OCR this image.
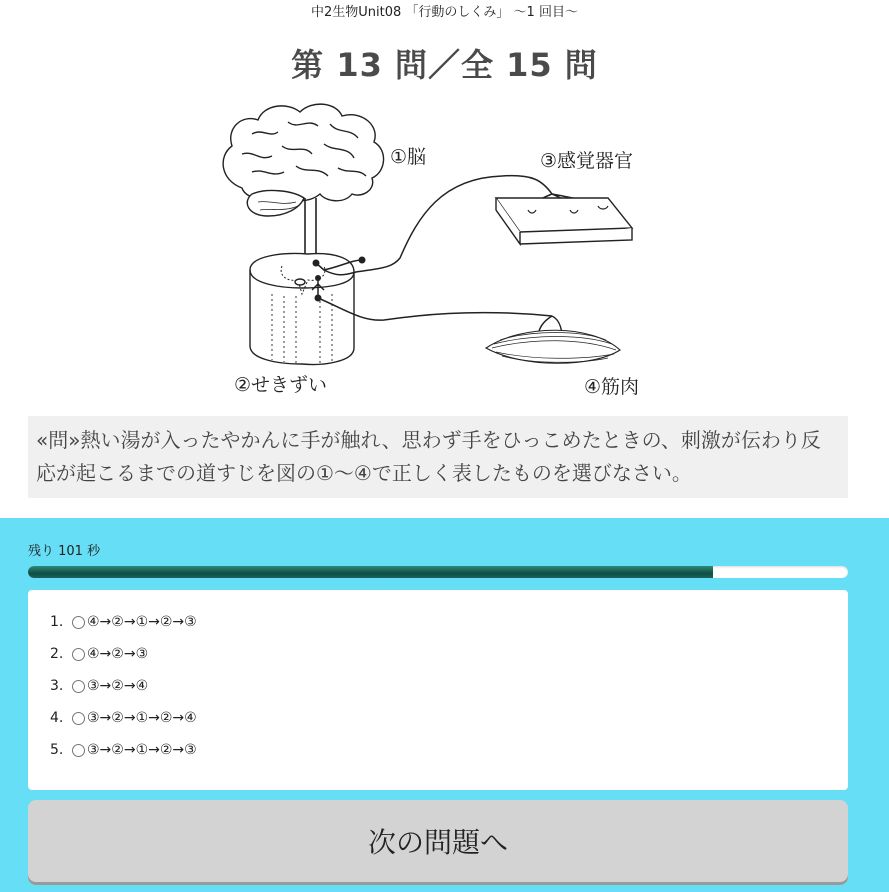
中2生物Unit08 「行動のしくみ」 ～1 回目～
第 13 問／全 15 問
①脳
②せきずい
③感覚器官
④筋肉
«問»熱い湯が入ったやかんに手が触れ、思わず手をひっこめたときの、刺激が伝わり反応が起こるまでの道すじを図の①～④で正しく表したものを選びなさい。
残り 101 秒
1.	④→②→①→②→③
2.	④→②→③
3.	③→②→④
4.	③→②→①→②→④
5.	③→②→①→②→③
次の問題へ
